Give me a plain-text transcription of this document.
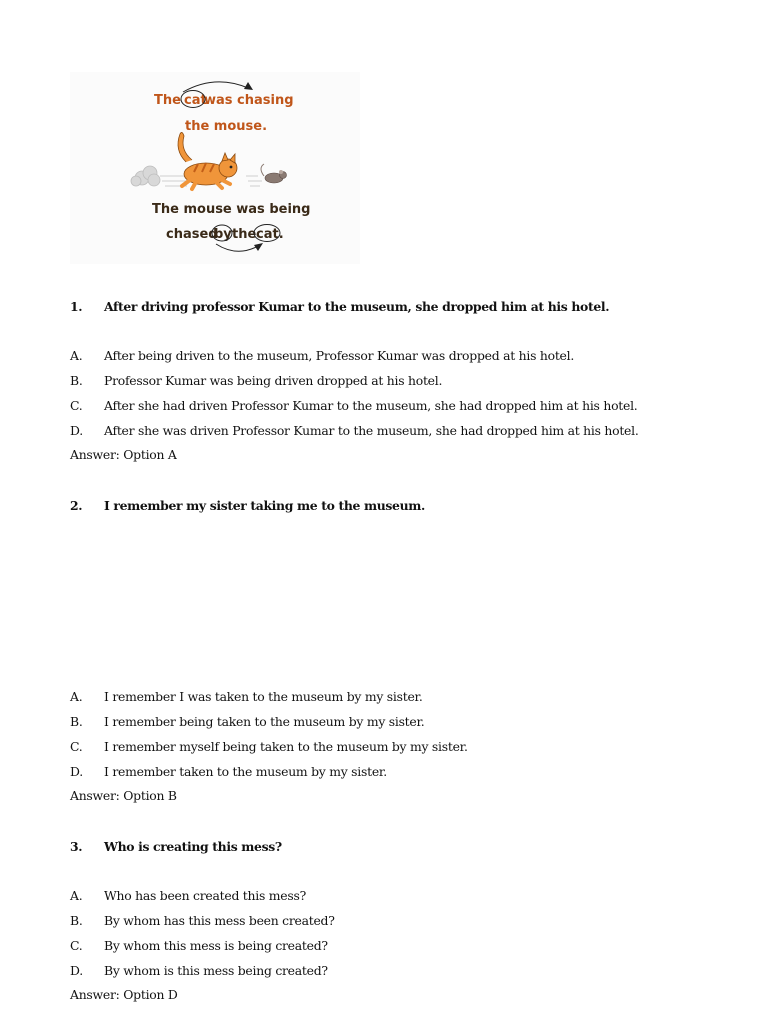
The cat was chasing
the mouse.
The mouse was being
chased by the cat.
1. After driving professor Kumar to the museum, she dropped him at his hotel.
A. After being driven to the museum, Professor Kumar was dropped at his hotel.
B. Professor Kumar was being driven dropped at his hotel.
C. After she had driven Professor Kumar to the museum, she had dropped him at his hotel.
D. After she was driven Professor Kumar to the museum, she had dropped him at his hotel.
Answer: Option A
2. I remember my sister taking me to the museum.
A. I remember I was taken to the museum by my sister.
B. I remember being taken to the museum by my sister.
C. I remember myself being taken to the museum by my sister.
D. I remember taken to the museum by my sister.
Answer: Option B
3. Who is creating this mess?
A. Who has been created this mess?
B. By whom has this mess been created?
C. By whom this mess is being created?
D. By whom is this mess being created?
Answer: Option D
